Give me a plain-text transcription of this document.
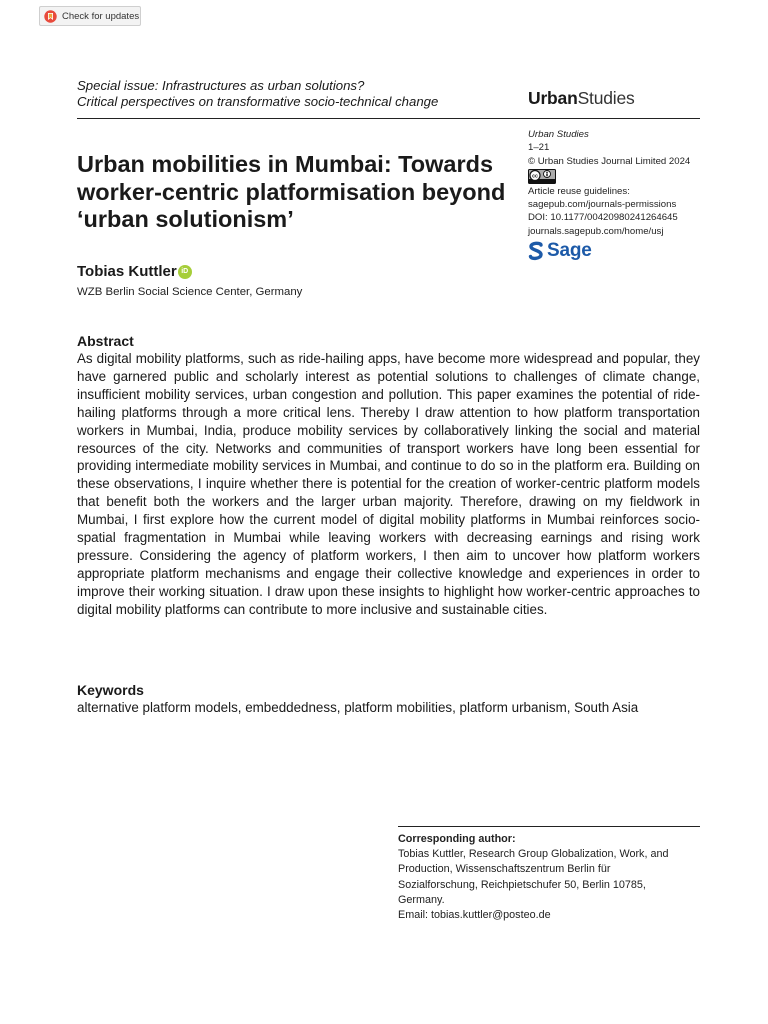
Check for updates
Special issue: Infrastructures as urban solutions?
Critical perspectives on transformative socio-technical change	UrbanStudies
Urban Studies
1–21
© Urban Studies Journal Limited 2024
cc
Article reuse guidelines:
sagepub.com/journals-permissions
DOI: 10.1177/00420980241264645
journals.sagepub.com/home/usj
Sage
Urban mobilities in Mumbai: Towards worker-centric platformisation beyond ‘urban solutionism’
Tobias Kuttler iD
WZB Berlin Social Science Center, Germany
Abstract
As digital mobility platforms, such as ride-hailing apps, have become more widespread and popular, they have garnered public and scholarly interest as potential solutions to challenges of climate change, insufficient mobility services, urban congestion and pollution. This paper examines the potential of ride-hailing platforms through a more critical lens. Thereby I draw attention to how platform transportation workers in Mumbai, India, produce mobility services by collaboratively linking the social and material resources of the city. Networks and communities of transport workers have long been essential for providing intermediate mobility services in Mumbai, and continue to do so in the platform era. Building on these observations, I inquire whether there is potential for the creation of worker-centric platform models that benefit both the workers and the larger urban majority. Therefore, drawing on my fieldwork in Mumbai, I first explore how the current model of digital mobility platforms in Mumbai reinforces socio-spatial fragmentation in Mumbai while leaving workers with decreasing earnings and rising work pressure. Considering the agency of platform workers, I then aim to uncover how platform workers appropriate platform mechanisms and engage their collective knowledge and experiences in order to improve their working situation. I draw upon these insights to highlight how worker-centric approaches to digital mobility platforms can contribute to more inclusive and sustainable cities.
Keywords
alternative platform models, embeddedness, platform mobilities, platform urbanism, South Asia
Corresponding author:
Tobias Kuttler, Research Group Globalization, Work, and
Production, Wissenschaftszentrum Berlin für
Sozialforschung, Reichpietschufer 50, Berlin 10785,
Germany.
Email: tobias.kuttler@posteo.de
